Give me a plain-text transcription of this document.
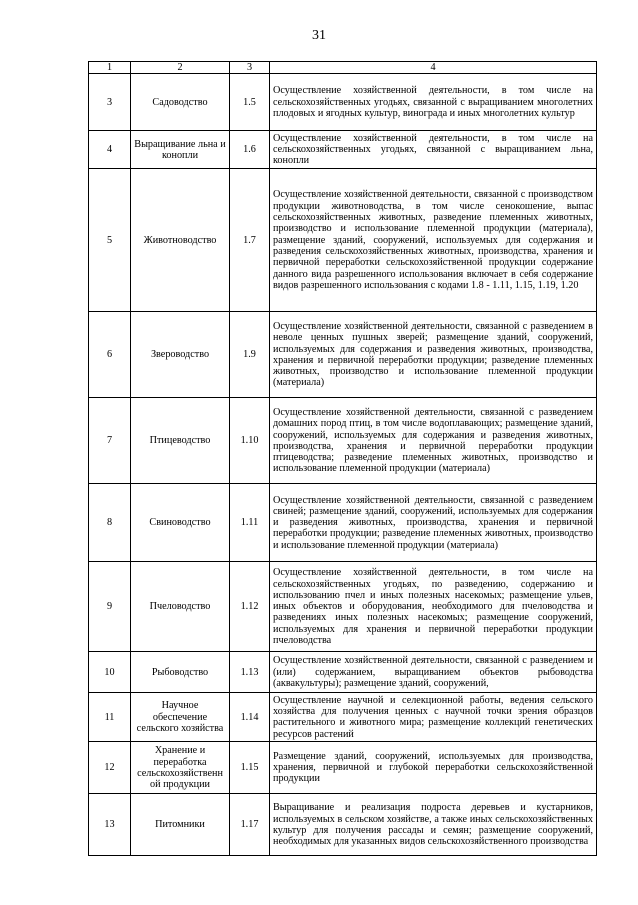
31
1	2	3	4
3	Садоводство	1.5	Осуществление хозяйственной деятельности, в том числе на сельскохозяйственных угодьях, связанной с выращиванием многолетних плодовых и ягодных культур, винограда и иных многолетних культур
4	Выращивание льна и конопли	1.6	Осуществление хозяйственной деятельности, в том числе на сельскохозяйственных угодьях, связанной с выращиванием льна, конопли
5	Животноводство	1.7	Осуществление хозяйственной деятельности, связанной с производством продукции животноводства, в том числе сенокошение, выпас сельскохозяйственных животных, разведение племенных животных, производство и использование племенной продукции (материала), размещение зданий, сооружений, используемых для содержания и разведения сельскохозяйственных животных, производства, хранения и первичной переработки сельскохозяйственной продукции содержание данного вида разрешенного использования включает в себя содержание видов разрешенного использования с кодами 1.8 - 1.11, 1.15, 1.19, 1.20
6	Звероводство	1.9	Осуществление хозяйственной деятельности, связанной с разведением в неволе ценных пушных зверей; размещение зданий, сооружений, используемых для содержания и разведения животных, производства, хранения и первичной переработки продукции; разведение племенных животных, производство и использование племенной продукции (материала)
7	Птицеводство	1.10	Осуществление хозяйственной деятельности, связанной с разведением домашних пород птиц, в том числе водоплавающих; размещение зданий, сооружений, используемых для содержания и разведения животных, производства, хранения и первичной переработки продукции птицеводства; разведение племенных животных, производство и использование племенной продукции (материала)
8	Свиноводство	1.11	Осуществление хозяйственной деятельности, связанной с разведением свиней; размещение зданий, сооружений, используемых для содержания и разведения животных, производства, хранения и первичной переработки продукции; разведение племенных животных, производство и использование племенной продукции (материала)
9	Пчеловодство	1.12	Осуществление хозяйственной деятельности, в том числе на сельскохозяйственных угодьях, по разведению, содержанию и использованию пчел и иных полезных насекомых; размещение ульев, иных объектов и оборудования, необходимого для пчеловодства и разведениях иных полезных насекомых; размещение сооружений, используемых для хранения и первичной переработки продукции пчеловодства
10	Рыбоводство	1.13	Осуществление хозяйственной деятельности, связанной с разведением и (или) содержанием, выращиванием объектов рыбоводства (аквакультуры); размещение зданий, сооружений,
11	Научное обеспечение сельского хозяйства	1.14	Осуществление научной и селекционной работы, ведения сельского хозяйства для получения ценных с научной точки зрения образцов растительного и животного мира; размещение коллекций генетических ресурсов растений
12	Хранение и переработка сельскохозяйственн ой продукции	1.15	Размещение зданий, сооружений, используемых для производства, хранения, первичной и глубокой переработки сельскохозяйственной продукции
13	Питомники	1.17	Выращивание и реализация подроста деревьев и кустарников, используемых в сельском хозяйстве, а также иных сельскохозяйственных культур для получения рассады и семян; размещение сооружений, необходимых для указанных видов сельскохозяйственного производства
